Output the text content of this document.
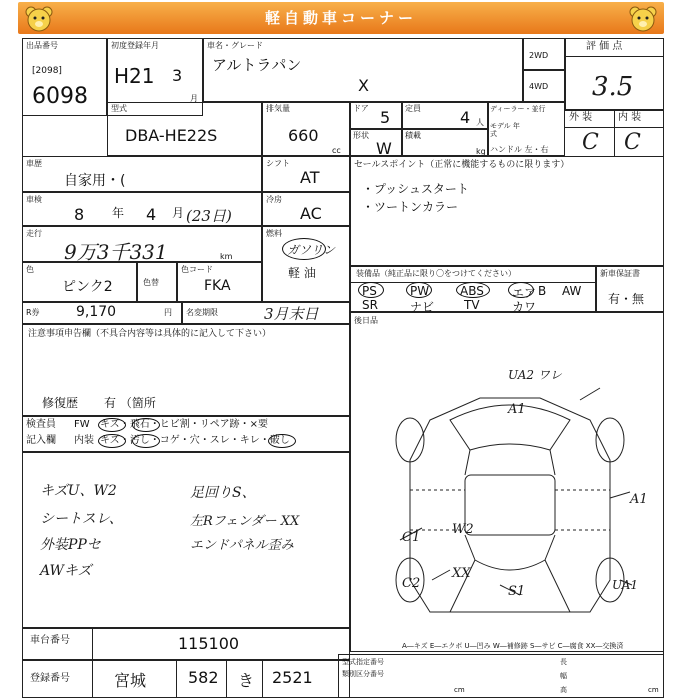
軽自動車コーナー
出品番号
[2098]
6098
初度登録年月
H21 3
月
車名・グレード
アルトラパン
X
2WD
4WD
評 価 点
3.5
外 装	内 装
C C
型式
DBA-HE22S
排気量
660
cc
ドア 5 定員 4 人
ディーラー・並行
モデル 年式
ハンドル 左・右
形状
W
積載
kg
車歴
自家用・(
車検
8 年 4 月 (23日)
走行
9万3千331	km
色
ピンク2	色替
色コード
FKA
シフト
AT
冷房
AC
燃料
ガソリン
軽 油
R券	9,170	円 名変期限	3月末日
セールスポイント（正常に機能するものに限ります）
・プッシュスタート
・ツートンカラー
装備品（純正品に限り〇をつけてください）
PS	PW	ABS エア B AW
SR	ナビ TV	カワ
新車保証書
有・無
後日品
注意事項申告欄（不具合内容等は具体的に記入して下さい）
修復歴 有 （箇所
検査員
記入欄
FW キズ・飛石・ヒビ割・リペア跡・×要
内装 キズ・汚し・コゲ・穴・スレ・キレ・破し
キズU、W2
シートスレ、
外装PPセ
AWキズ
足回りS、
左Rフェンダー XX
エンドパネル歪み
UA2 ワレ
A1
A1
C1
W2
XX
C2
S1	UA1
A―キズ E―エクボ U―凹み W―補修跡 S―サビ C―腐食 XX―交換済
車台番号	115100
登録番号	宮城	582 き 2521
型式指定番号
類別区分番号
cm
長
幅
高	cm
